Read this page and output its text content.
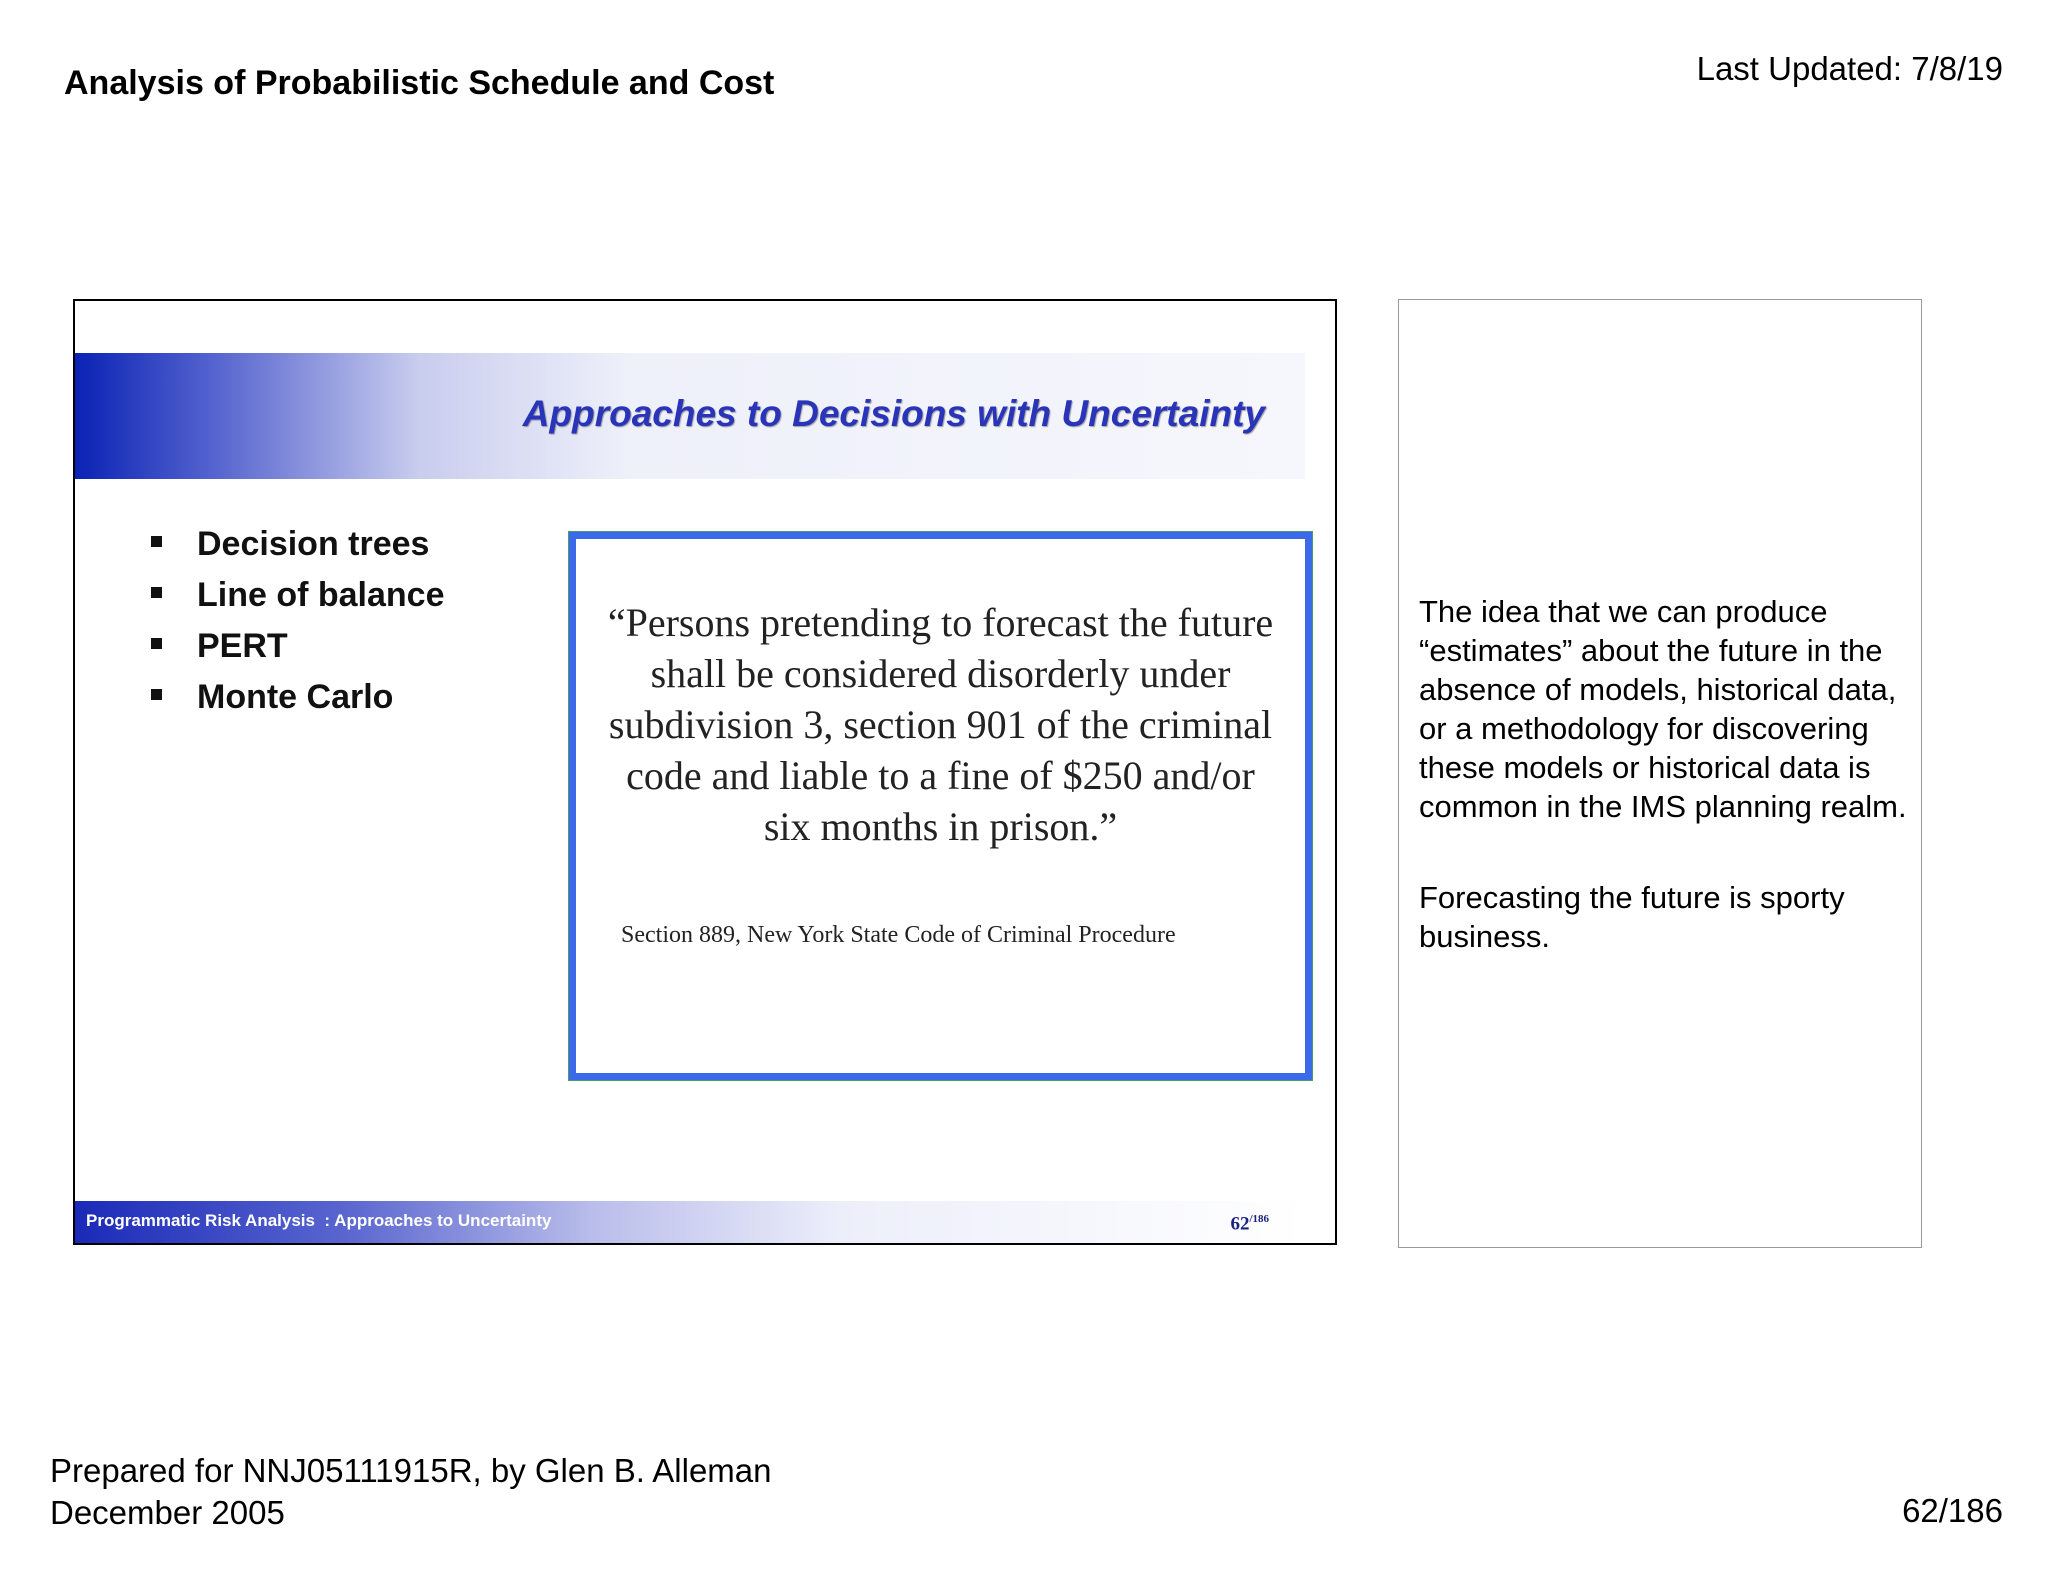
Analysis of Probabilistic Schedule and Cost	Last Updated: 7/8/19
Approaches to Decisions with Uncertainty
Decision trees
Line of balance
PERT
Monte Carlo
“Persons pretending to forecast the future shall be considered disorderly under subdivision 3, section 901 of the criminal code and liable to a fine of $250 and/or six months in prison.”
Section 889, New York State Code of Criminal Procedure
Programmatic Risk Analysis  : Approaches to Uncertainty	$62^{/186}$

The idea that we can produce “estimates” about the future in the absence of models, historical data, or a methodology for discovering these models or historical data is common in the IMS planning realm.

Forecasting the future is sporty business.

Prepared for NNJ05111915R, by Glen B. Alleman
December 2005	62/186
